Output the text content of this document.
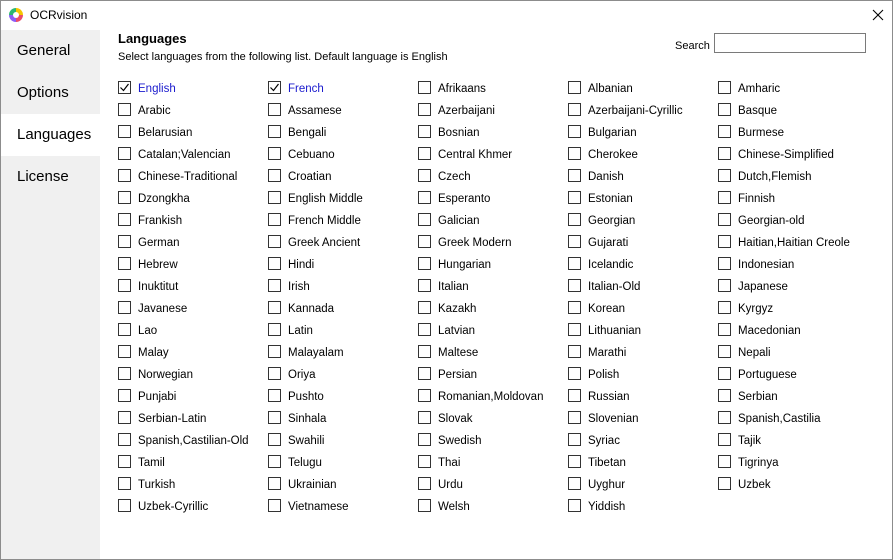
OCRvision
General
Options
Languages
License
Languages
Select languages from the following list. Default language is English
Search
English	French	Afrikaans	Albanian	Amharic
Arabic	Assamese	Azerbaijani	Azerbaijani-Cyrillic	Basque
Belarusian	Bengali	Bosnian	Bulgarian	Burmese
Catalan;Valencian	Cebuano	Central Khmer	Cherokee	Chinese-Simplified
Chinese-Traditional	Croatian	Czech	Danish	Dutch,Flemish
Dzongkha	English Middle	Esperanto	Estonian	Finnish
Frankish	French Middle	Galician	Georgian	Georgian-old
German	Greek Ancient	Greek Modern	Gujarati	Haitian,Haitian Creole
Hebrew	Hindi	Hungarian	Icelandic	Indonesian
Inuktitut	Irish	Italian	Italian-Old	Japanese
Javanese	Kannada	Kazakh	Korean	Kyrgyz
Lao	Latin	Latvian	Lithuanian	Macedonian
Malay	Malayalam	Maltese	Marathi	Nepali
Norwegian	Oriya	Persian	Polish	Portuguese
Punjabi	Pushto	Romanian,Moldovan	Russian	Serbian
Serbian-Latin	Sinhala	Slovak	Slovenian	Spanish,Castilia
Spanish,Castilian-Old	Swahili	Swedish	Syriac	Tajik
Tamil	Telugu	Thai	Tibetan	Tigrinya
Turkish	Ukrainian	Urdu	Uyghur	Uzbek
Uzbek-Cyrillic	Vietnamese	Welsh	Yiddish
